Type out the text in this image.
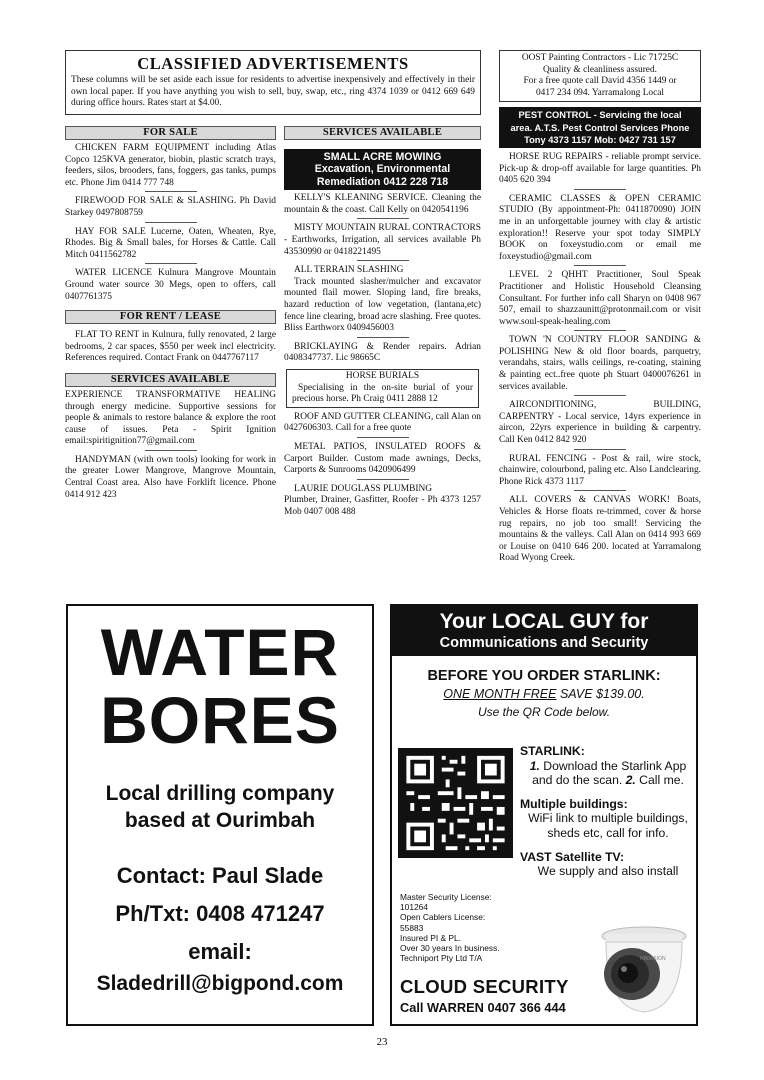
CLASSIFIED ADVERTISEMENTS
These columns will be set aside each issue for residents to advertise inexpensively and effectively in their own local paper. If you have anything you wish to sell, buy, swap, etc., ring 4374 1039 or 0412 669 649 during office hours. Rates start at $4.00.
FOR SALE
CHICKEN FARM EQUIPMENT including Atlas Copco 125KVA generator, biobin, plastic scratch trays, feeders, silos, brooders, fans, foggers, gas tanks, pumps etc. Phone Jim 0414 777 748
FIREWOOD FOR SALE & SLASHING. Ph David Starkey 0497808759
HAY FOR SALE Lucerne, Oaten, Wheaten, Rye, Rhodes. Big & Small bales, for Horses & Cattle. Call Mitch 0411562782
WATER LICENCE Kulnura Mangrove Mountain Ground water source 30 Megs, open to offers, call 0407761375
FOR RENT / LEASE
FLAT TO RENT in Kulnura, fully renovated, 2 large bedrooms, 2 car spaces, $550 per week incl electricity. References required. Contact Frank on 0447767117
SERVICES AVAILABLE
EXPERIENCE TRANSFORMATIVE HEALING through energy medicine. Supportive sessions for people & animals to restore balance & explore the root cause of issues. Peta - Spirit Ignition email:spiritignition77@gmail.com
HANDYMAN (with own tools) looking for work in the greater Lower Mangrove, Mangrove Mountain, Central Coast area. Also have Forklift licence. Phone 0414 912 423
SERVICES AVAILABLE
SMALL ACRE MOWING
Excavation, Environmental
Remediation 0412 228 718
KELLY'S KLEANING SERVICE. Cleaning the mountain & the coast. Call Kelly on 0420541196
MISTY MOUNTAIN RURAL CONTRACTORS - Earthworks, Irrigation, all services available Ph 43530990 or 0418221495
ALL TERRAIN SLASHING
Track mounted slasher/mulcher and excavator mounted flail mower. Sloping land, fire breaks, hazard reduction of low vegetation, (lantana,etc) fence line clearing, broad acre slashing. Free quotes. Bliss Earthworx 0409456003
BRICKLAYING & Render repairs. Adrian 0408347737. Lic 98665C
HORSE BURIALS
Specialising in the on-site burial of your precious horse. Ph Craig 0411 2888 12
ROOF AND GUTTER CLEANING, call Alan on 0427606303. Call for a free quote
METAL PATIOS, INSULATED ROOFS & Carport Builder. Custom made awnings, Decks, Carports & Sunrooms 0420906499
LAURIE DOUGLASS PLUMBING
Plumber, Drainer, Gasfitter, Roofer - Ph 4373 1257 Mob 0407 008 488
OOST Painting Contractors - Lic 71725C
Quality & cleanliness assured.
For a free quote call David 4356 1449 or
0417 234 094. Yarramalong Local
PEST CONTROL - Servicing the local
area. A.T.S. Pest Control Services Phone
Tony 4373 1157 Mob: 0427 731 157
HORSE RUG REPAIRS - reliable prompt service. Pick-up & drop-off available for large quantities. Ph 0405 620 394
CERAMIC CLASSES & OPEN CERAMIC STUDIO (By appointment-Ph: 0411870090) JOIN me in an unforgettable journey with clay & artistic exploration!! Reserve your spot today SIMPLY BOOK on foxeystudio.com or email me foxeystudio@gmail.com
LEVEL 2 QHHT Practitioner, Soul Speak Practitioner and Holistic Household Cleansing Consultant. For further info call Sharyn on 0408 967 507, email to shazzaunitt@protonmail.com or visit www.soul-speak-healing.com
TOWN 'N COUNTRY FLOOR SANDING & POLISHING New & old floor boards, parquetry, verandahs, stairs, walls ceilings, re-coating, staining & painting ect..free quote ph Stuart 0400076261 in services available.
AIRCONDITIONING, BUILDING, CARPENTRY - Local service, 14yrs experience in aircon, 22yrs experience in building & carpentry. Call Ken 0412 842 920
RURAL FENCING - Post & rail, wire stock, chainwire, colourbond, paling etc. Also Landclearing. Phone Rick 4373 1117
ALL COVERS & CANVAS WORK! Boats, Vehicles & Horse floats re-trimmed, cover & horse rug repairs, no job too small! Servicing the mountains & the valleys. Call Alan on 0414 993 669 or Louise on 0410 646 200. located at Yarramalong Road Wyong Creek.
WATER
BORES
Local drilling company
based at Ourimbah
Contact: Paul Slade
Ph/Txt: 0408 471247
email:
Sladedrill@bigpond.com
Your LOCAL GUY for
Communications and Security
BEFORE YOU ORDER STARLINK:
ONE MONTH FREE SAVE $139.00.
Use the QR Code below.
STARLINK:
1. Download the Starlink App
and do the scan. 2. Call me.
Multiple buildings:
WiFi link to multiple buildings,
sheds etc, call for info.
VAST Satellite TV:
We supply and also install
Master Security License:
101264
Open Cablers License:
55883
Insured PI & PL.
Over 30 years In business.
Techniport Pty Ltd T/A	HIKVISION
CLOUD SECURITY
Call WARREN 0407 366 444
23
